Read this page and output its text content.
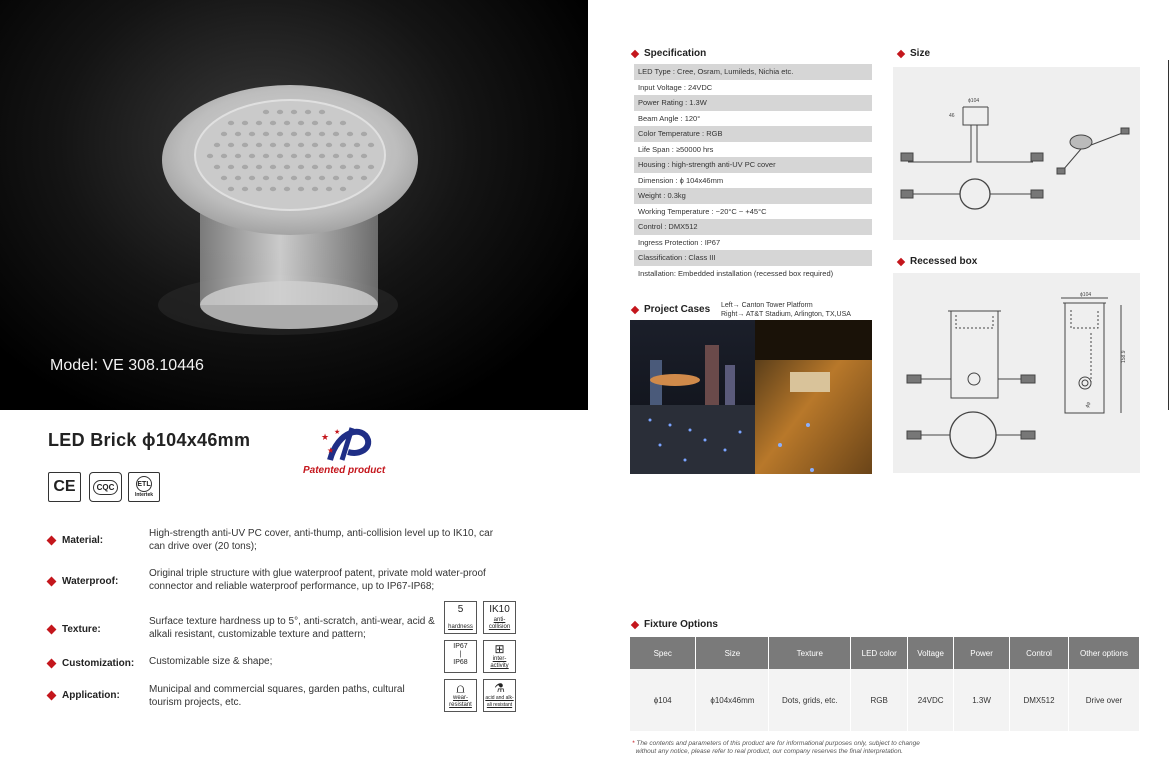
Model: VE 308.10446
LED Brick ϕ104x46mm	★
★
★
Patented product
CE	CQC	ETL
Intertek
Material:
High-strength anti-UV PC cover, anti-thump, anti-collision level up to IK10, car can drive over (20 tons);
Waterproof:
Original triple structure with glue waterproof patent, private mold water-proof connector and reliable waterproof performance, up to IP67-IP68;
Texture:
Surface texture hardness up to 5°, anti-scratch, anti-wear, acid & alkali resistant, customizable texture and pattern;
Customization: Customizable size & shape;
Application:
Municipal and commercial squares, garden paths, cultural tourism projects, etc.
5
hardness
IK10
anti-collision
IP67
|
IP68
⊞
inter-activity
⩍
wear-resistant
⚗
acid and alk-ali resistant
Specification
LED Type : Cree, Osram, Lumileds, Nichia etc.
Input Voltage : 24VDC
Power Rating : 1.3W
Beam Angle : 120°
Color Temperature : RGB
Life Span : ≥50000 hrs
Housing : high-strength anti-UV PC cover
Dimension : ϕ 104x46mm
Weight : 0.3kg
Working Temperature : −20°C ~ +45°C
Control : DMX512
Ingress Protection : IP67
Classification : Class III
Installation: Embedded installation (recessed box required)
Size
ϕ104
46
Recessed box
ϕ104
158.9
ϕ9
Project Cases Left→ Canton Tower Platform
Right→ AT&T Stadium, Arlington, TX,USA
Fixture Options
Spec	Size	Texture	LED color	Voltage	Power	Control	Other options
ϕ104	ϕ104x46mm	Dots, grids, etc.	RGB	24VDC	1.3W	DMX512	Drive over
* The contents and parameters of this product are for informational purposes only, subject to change
without any notice, please refer to real product, our company reserves the final interpretation.
